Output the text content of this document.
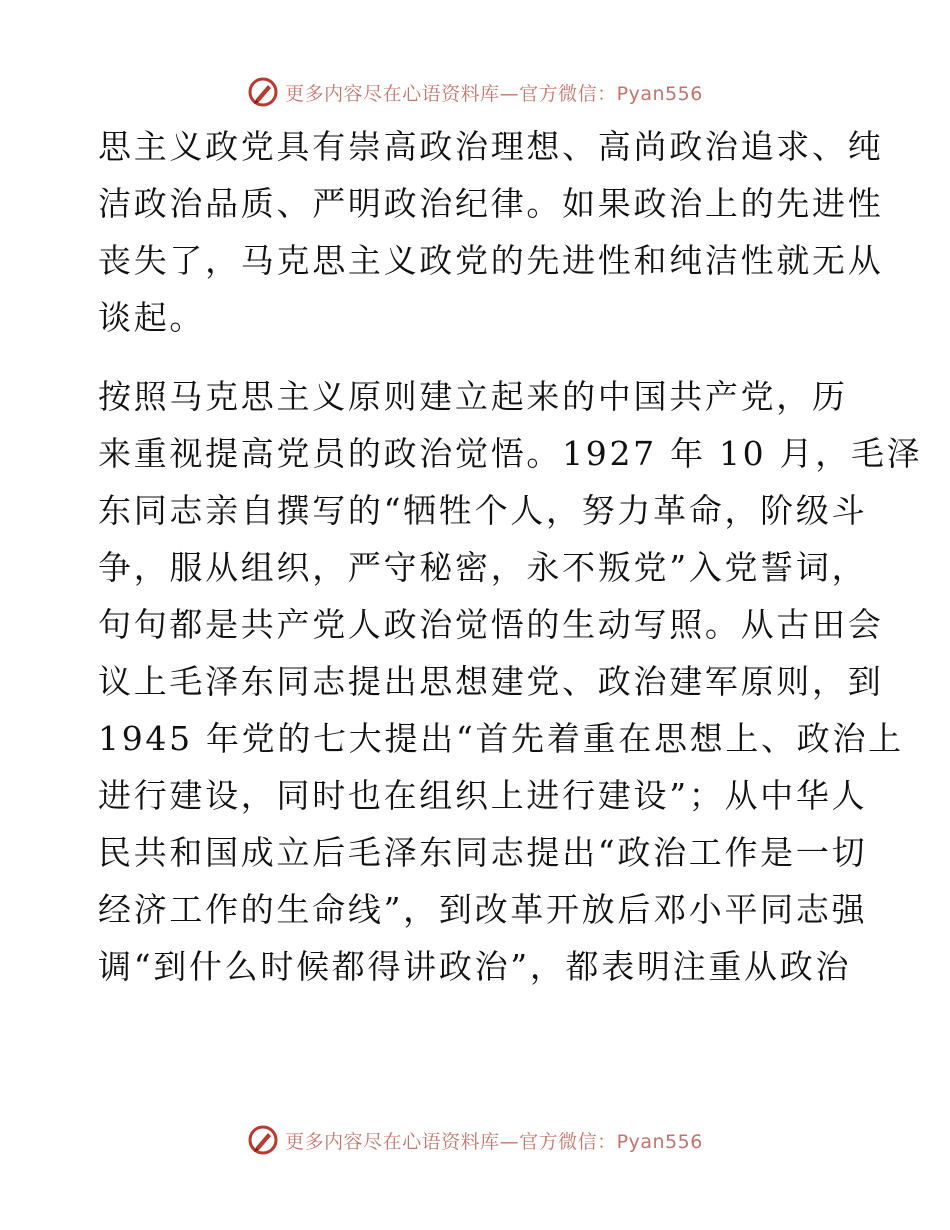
更多内容尽在心语资料库—官方微信：Pyan556

思主义政党具有崇高政治理想、高尚政治追求、纯
洁政治品质、严明政治纪律。如果政治上的先进性
丧失了，马克思主义政党的先进性和纯洁性就无从
谈起。

按照马克思主义原则建立起来的中国共产党，历
来重视提高党员的政治觉悟。1927 年 10 月，毛泽
东同志亲自撰写的“牺牲个人，努力革命，阶级斗
争，服从组织，严守秘密，永不叛党”入党誓词，
句句都是共产党人政治觉悟的生动写照。从古田会
议上毛泽东同志提出思想建党、政治建军原则，到
1945 年党的七大提出“首先着重在思想上、政治上
进行建设，同时也在组织上进行建设”；从中华人
民共和国成立后毛泽东同志提出“政治工作是一切
经济工作的生命线”，到改革开放后邓小平同志强
调“到什么时候都得讲政治”，都表明注重从政治

更多内容尽在心语资料库—官方微信：Pyan556
